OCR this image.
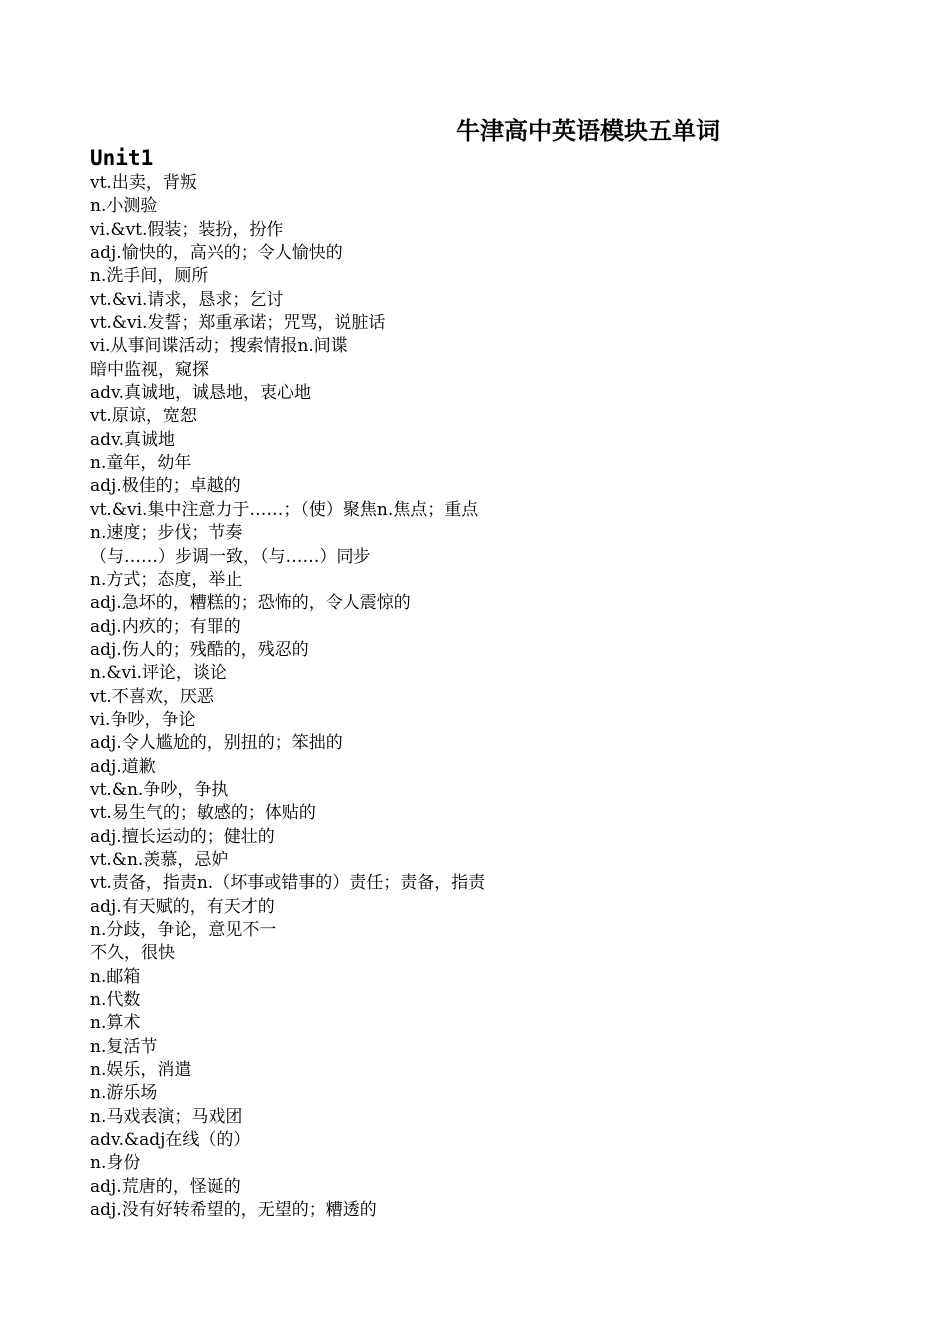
牛津高中英语模块五单词
Unit1
vt.出卖，背叛
n.小测验
vi.&vt.假装；装扮，扮作
adj.愉快的，高兴的；令人愉快的
n.洗手间，厕所
vt.&vi.请求，恳求；乞讨
vt.&vi.发誓；郑重承诺；咒骂，说脏话
vi.从事间谍活动；搜索情报n.间谍
暗中监视，窥探
adv.真诚地，诚恳地，衷心地
vt.原谅，宽恕
adv.真诚地
n.童年，幼年
adj.极佳的；卓越的
vt.&vi.集中注意力于……；（使）聚焦n.焦点；重点
n.速度；步伐；节奏
（与……）步调一致，（与……）同步
n.方式；态度，举止
adj.急坏的，糟糕的；恐怖的，令人震惊的
adj.内疚的；有罪的
adj.伤人的；残酷的，残忍的
n.&vi.评论，谈论
vt.不喜欢，厌恶
vi.争吵，争论
adj.令人尴尬的，别扭的；笨拙的
adj.道歉
vt.&n.争吵，争执
vt.易生气的；敏感的；体贴的
adj.擅长运动的；健壮的
vt.&n.羡慕，忌妒
vt.责备，指责n.（坏事或错事的）责任；责备，指责
adj.有天赋的，有天才的
n.分歧，争论，意见不一
不久，很快
n.邮箱
n.代数
n.算术
n.复活节
n.娱乐，消遣
n.游乐场
n.马戏表演；马戏团
adv.&adj在线（的）
n.身份
adj.荒唐的，怪诞的
adj.没有好转希望的，无望的；糟透的
